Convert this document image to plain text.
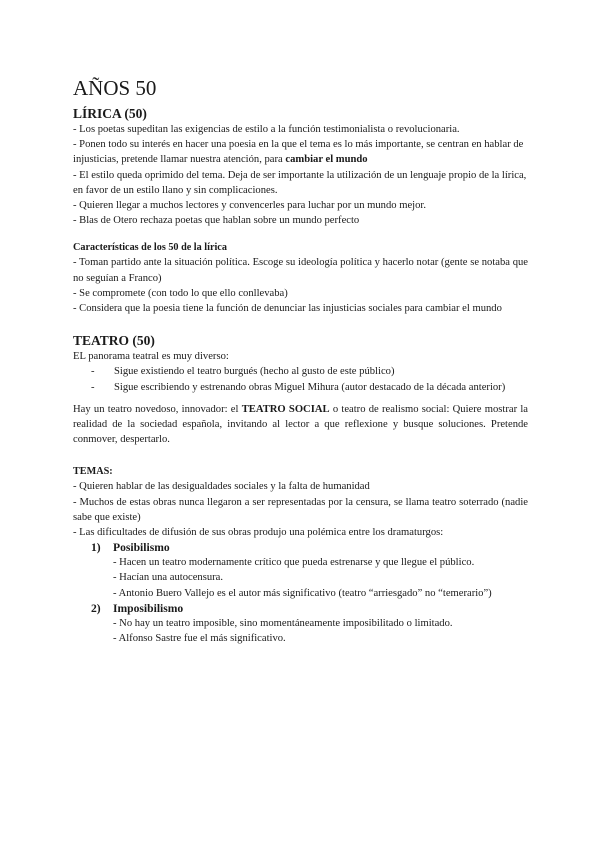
AÑOS 50
LÍRICA (50)

- Los poetas supeditan las exigencias de estilo a la función testimonialista o revolucionaria.

- Ponen todo su interés en hacer una poesia en la que el tema es lo más importante, se centran en hablar de injusticias, pretende llamar nuestra atención, para cambiar el mundo

- El estilo queda oprimido del tema. Deja de ser importante la utilización de un lenguaje propio de la lírica, en favor de un estilo llano y sin complicaciones.

- Quieren llegar a muchos lectores y convencerles para luchar por un mundo mejor.

- Blas de Otero rechaza poetas que hablan sobre un mundo perfecto

Características de los 50 de la lírica

- Toman partido ante la situación política. Escoge su ideología política y hacerlo notar (gente se notaba que no seguían a Franco)

- Se compromete (con todo lo que ello conllevaba)

- Considera que la poesia tiene la función de denunciar las injusticias sociales para cambiar el mundo

TEATRO (50)

EL panorama teatral es muy diverso:

- Sigue existiendo el teatro burgués (hecho al gusto de este público)
- Sigue escribiendo y estrenando obras Miguel Mihura (autor destacado de la década anterior)

Hay un teatro novedoso, innovador: el TEATRO SOCIAL o teatro de realismo social: Quiere mostrar la realidad de la sociedad española, invitando al lector a que reflexione y busque soluciones. Pretende conmover, despertarlo.

TEMAS:

- Quieren hablar de las desigualdades sociales y la falta de humanidad

- Muchos de estas obras nunca llegaron a ser representadas por la censura, se llama teatro soterrado (nadie sabe que existe)

- Las dificultades de difusión de sus obras produjo una polémica entre los dramaturgos:

1) Posibilismo
- Hacen un teatro modernamente crítico que pueda estrenarse y que llegue el público.
- Hacían una autocensura.
- Antonio Buero Vallejo es el autor más significativo (teatro “arriesgado” no “temerario”)
2) Imposibilismo
- No hay un teatro imposible, sino momentáneamente imposibilitado o limitado.
- Alfonso Sastre fue el más significativo.
